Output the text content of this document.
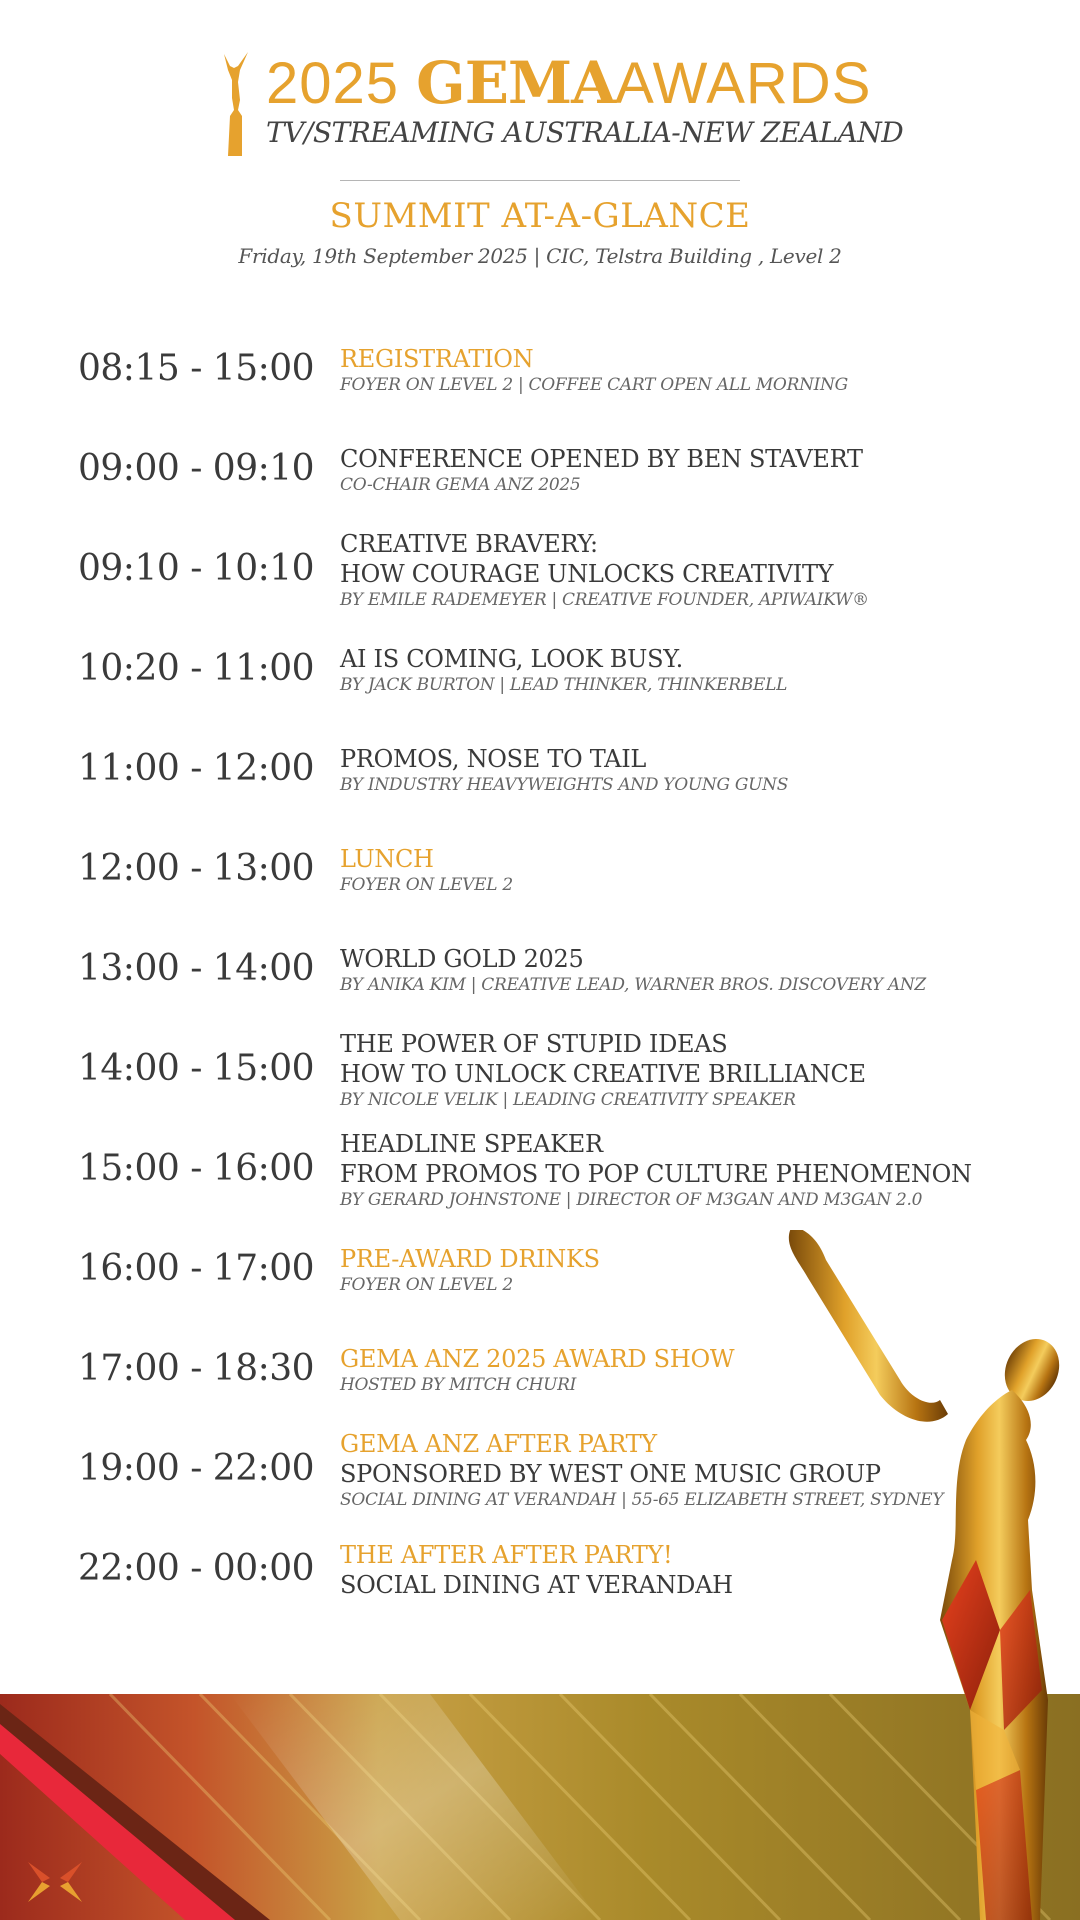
2025 GEMAAWARDS
TV/STREAMING AUSTRALIA-NEW ZEALAND
SUMMIT AT-A-GLANCE
Friday, 19th September 2025 | CIC, Telstra Building , Level 2
08:15 - 15:00 REGISTRATION
FOYER ON LEVEL 2 | COFFEE CART OPEN ALL MORNING
09:00 - 09:10 CONFERENCE OPENED BY BEN STAVERT
CO-CHAIR GEMA ANZ 2025
09:10 - 10:10
CREATIVE BRAVERY:
HOW COURAGE UNLOCKS CREATIVITY
BY EMILE RADEMEYER | CREATIVE FOUNDER, APIWAIKW®
10:20 - 11:00 AI IS COMING, LOOK BUSY.
BY JACK BURTON | LEAD THINKER, THINKERBELL
11:00 - 12:00 PROMOS, NOSE TO TAIL
BY INDUSTRY HEAVYWEIGHTS AND YOUNG GUNS
12:00 - 13:00 LUNCH
FOYER ON LEVEL 2
13:00 - 14:00 WORLD GOLD 2025
BY ANIKA KIM | CREATIVE LEAD, WARNER BROS. DISCOVERY ANZ
14:00 - 15:00
THE POWER OF STUPID IDEAS
HOW TO UNLOCK CREATIVE BRILLIANCE
BY NICOLE VELIK | LEADING CREATIVITY SPEAKER
15:00 - 16:00
HEADLINE SPEAKER
FROM PROMOS TO POP CULTURE PHENOMENON
BY GERARD JOHNSTONE | DIRECTOR OF M3GAN AND M3GAN 2.0
16:00 - 17:00 PRE-AWARD DRINKS
FOYER ON LEVEL 2
17:00 - 18:30 GEMA ANZ 2025 AWARD SHOW
HOSTED BY MITCH CHURI
19:00 - 22:00
GEMA ANZ AFTER PARTY
SPONSORED BY WEST ONE MUSIC GROUP
SOCIAL DINING AT VERANDAH | 55-65 ELIZABETH STREET, SYDNEY
22:00 - 00:00 THE AFTER AFTER PARTY!
SOCIAL DINING AT VERANDAH
